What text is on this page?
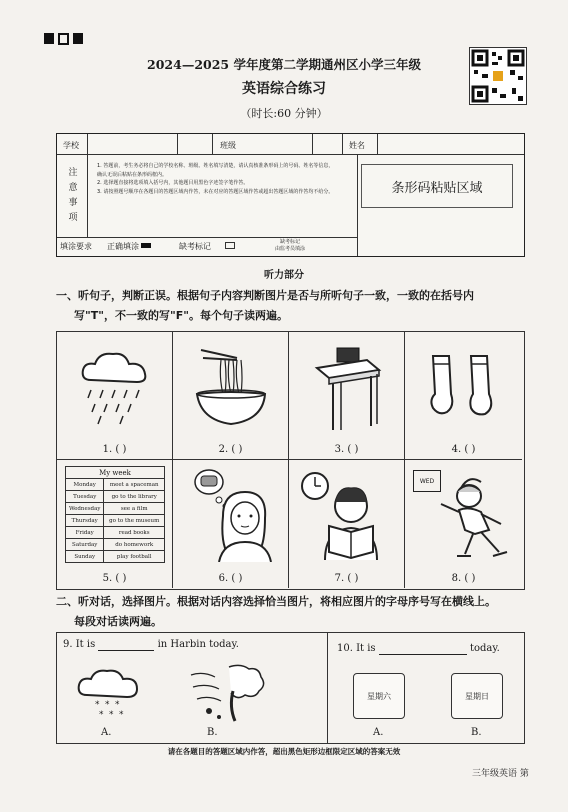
2024—2025 学年度第二学期通州区小学三年级
英语综合练习
（时长:60 分钟）
学校	班级	姓名
注意事项
1. 答题前，考生务必将自己的学校名称、班级、姓名填写清楚，请认真核准条形码上的号码、姓名等信息，确认无误后粘贴在条形码框内。
2. 选择题直接将选项填入括号内，其他题目用黑色字迹签字笔作答。
3. 请按照题号顺序在各题目的答题区域内作答，未在对应的答题区域作答或超出答题区域的作答均不给分。	条形码粘贴区域
填涂要求 正确填涂	缺考标记	缺考标记
由监考员填涂
听力部分
一、听句子，判断正误。根据句子内容判断图片是否与所听句子一致，一致的在括号内
写"T"，不一致的写"F"。每个句子读两遍。
1. ( )	2. ( )	3. ( )	4. ( )
My week	
Monday	meet a spaceman
Tuesday	go to the library
Wednesday	see a film
Thursday	go to the museum
Friday	read books
Saturday	do homework
Sunday	play football
5. ( )	6. ( )	7. ( )
WED
8. ( )
二、听对话，选择图片。根据对话内容选择恰当图片，将相应图片的字母序号写在横线上。
每段对话读两遍。
9. It is	in Harbin today.
* * *
* * *
A.	B.
10. It is	today.
星期六	星期日
A.	B.
请在各题目的答题区域内作答，超出黑色矩形边框限定区域的答案无效
三年级英语 第
